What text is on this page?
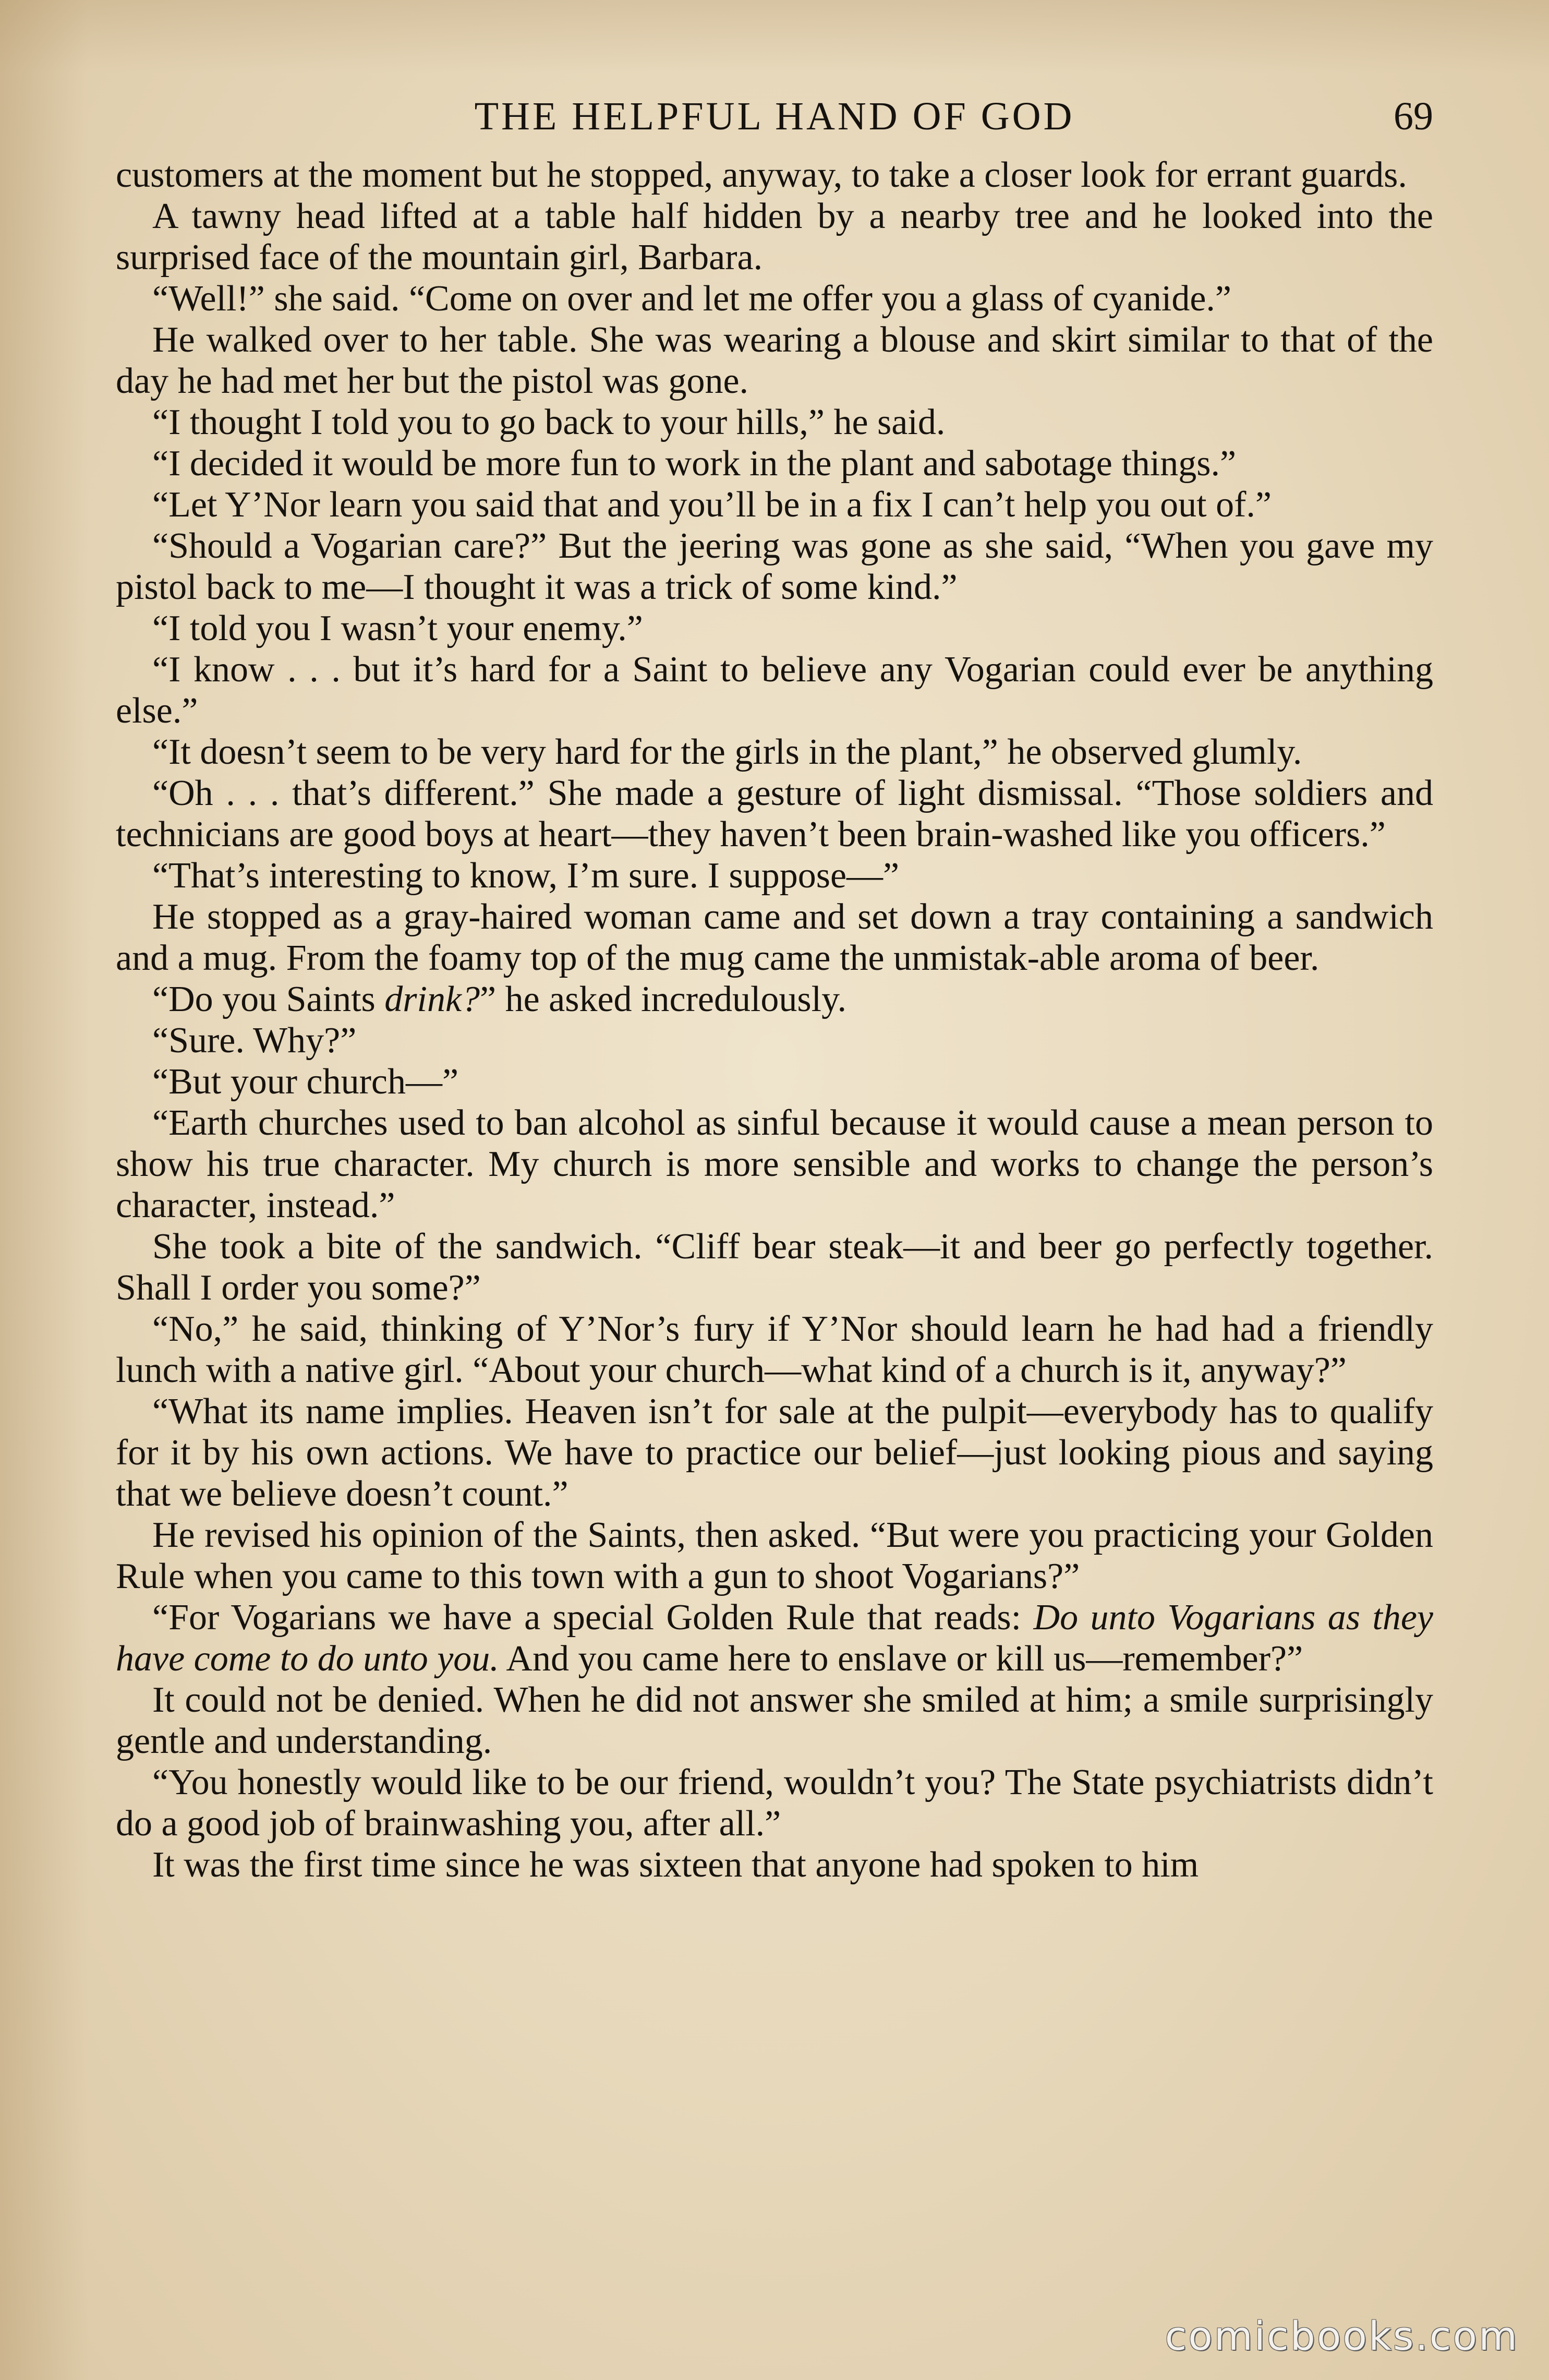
THE HELPFUL HAND OF GOD	69

customers at the moment but he stopped, anyway, to take a closer look for errant guards.

A tawny head lifted at a table half hidden by a nearby tree and he looked into the surprised face of the mountain girl, Barbara.

“Well!” she said. “Come on over and let me offer you a glass of cyanide.”

He walked over to her table. She was wearing a blouse and skirt similar to that of the day he had met her but the pistol was gone.

“I thought I told you to go back to your hills,” he said.

“I decided it would be more fun to work in the plant and sabotage things.”

“Let Y’Nor learn you said that and you’ll be in a fix I can’t help you out of.”

“Should a Vogarian care?” But the jeering was gone as she said, “When you gave my pistol back to me—I thought it was a trick of some kind.”

“I told you I wasn’t your enemy.”

“I know . . . but it’s hard for a Saint to believe any Vogarian could ever be anything else.”

“It doesn’t seem to be very hard for the girls in the plant,” he observed glumly.

“Oh . . . that’s different.” She made a gesture of light dismissal. “Those soldiers and technicians are good boys at heart—they haven’t been brain-washed like you officers.”

“That’s interesting to know, I’m sure. I suppose—”

He stopped as a gray-haired woman came and set down a tray containing a sandwich and a mug. From the foamy top of the mug came the unmistak-able aroma of beer.

“Do you Saints drink?” he asked incredulously.

“Sure. Why?”

“But your church—”

“Earth churches used to ban alcohol as sinful because it would cause a mean person to show his true character. My church is more sensible and works to change the person’s character, instead.”

She took a bite of the sandwich. “Cliff bear steak—it and beer go perfectly together. Shall I order you some?”

“No,” he said, thinking of Y’Nor’s fury if Y’Nor should learn he had had a friendly lunch with a native girl. “About your church—what kind of a church is it, anyway?”

“What its name implies. Heaven isn’t for sale at the pulpit—everybody has to qualify for it by his own actions. We have to practice our belief—just looking pious and saying that we believe doesn’t count.”

He revised his opinion of the Saints, then asked. “But were you practicing your Golden Rule when you came to this town with a gun to shoot Vogarians?”

“For Vogarians we have a special Golden Rule that reads: Do unto Vogarians as they have come to do unto you. And you came here to enslave or kill us—remember?”

It could not be denied. When he did not answer she smiled at him; a smile surprisingly gentle and understanding.

“You honestly would like to be our friend, wouldn’t you? The State psychiatrists didn’t do a good job of brainwashing you, after all.”

It was the first time since he was sixteen that anyone had spoken to him

comicbooks.com
